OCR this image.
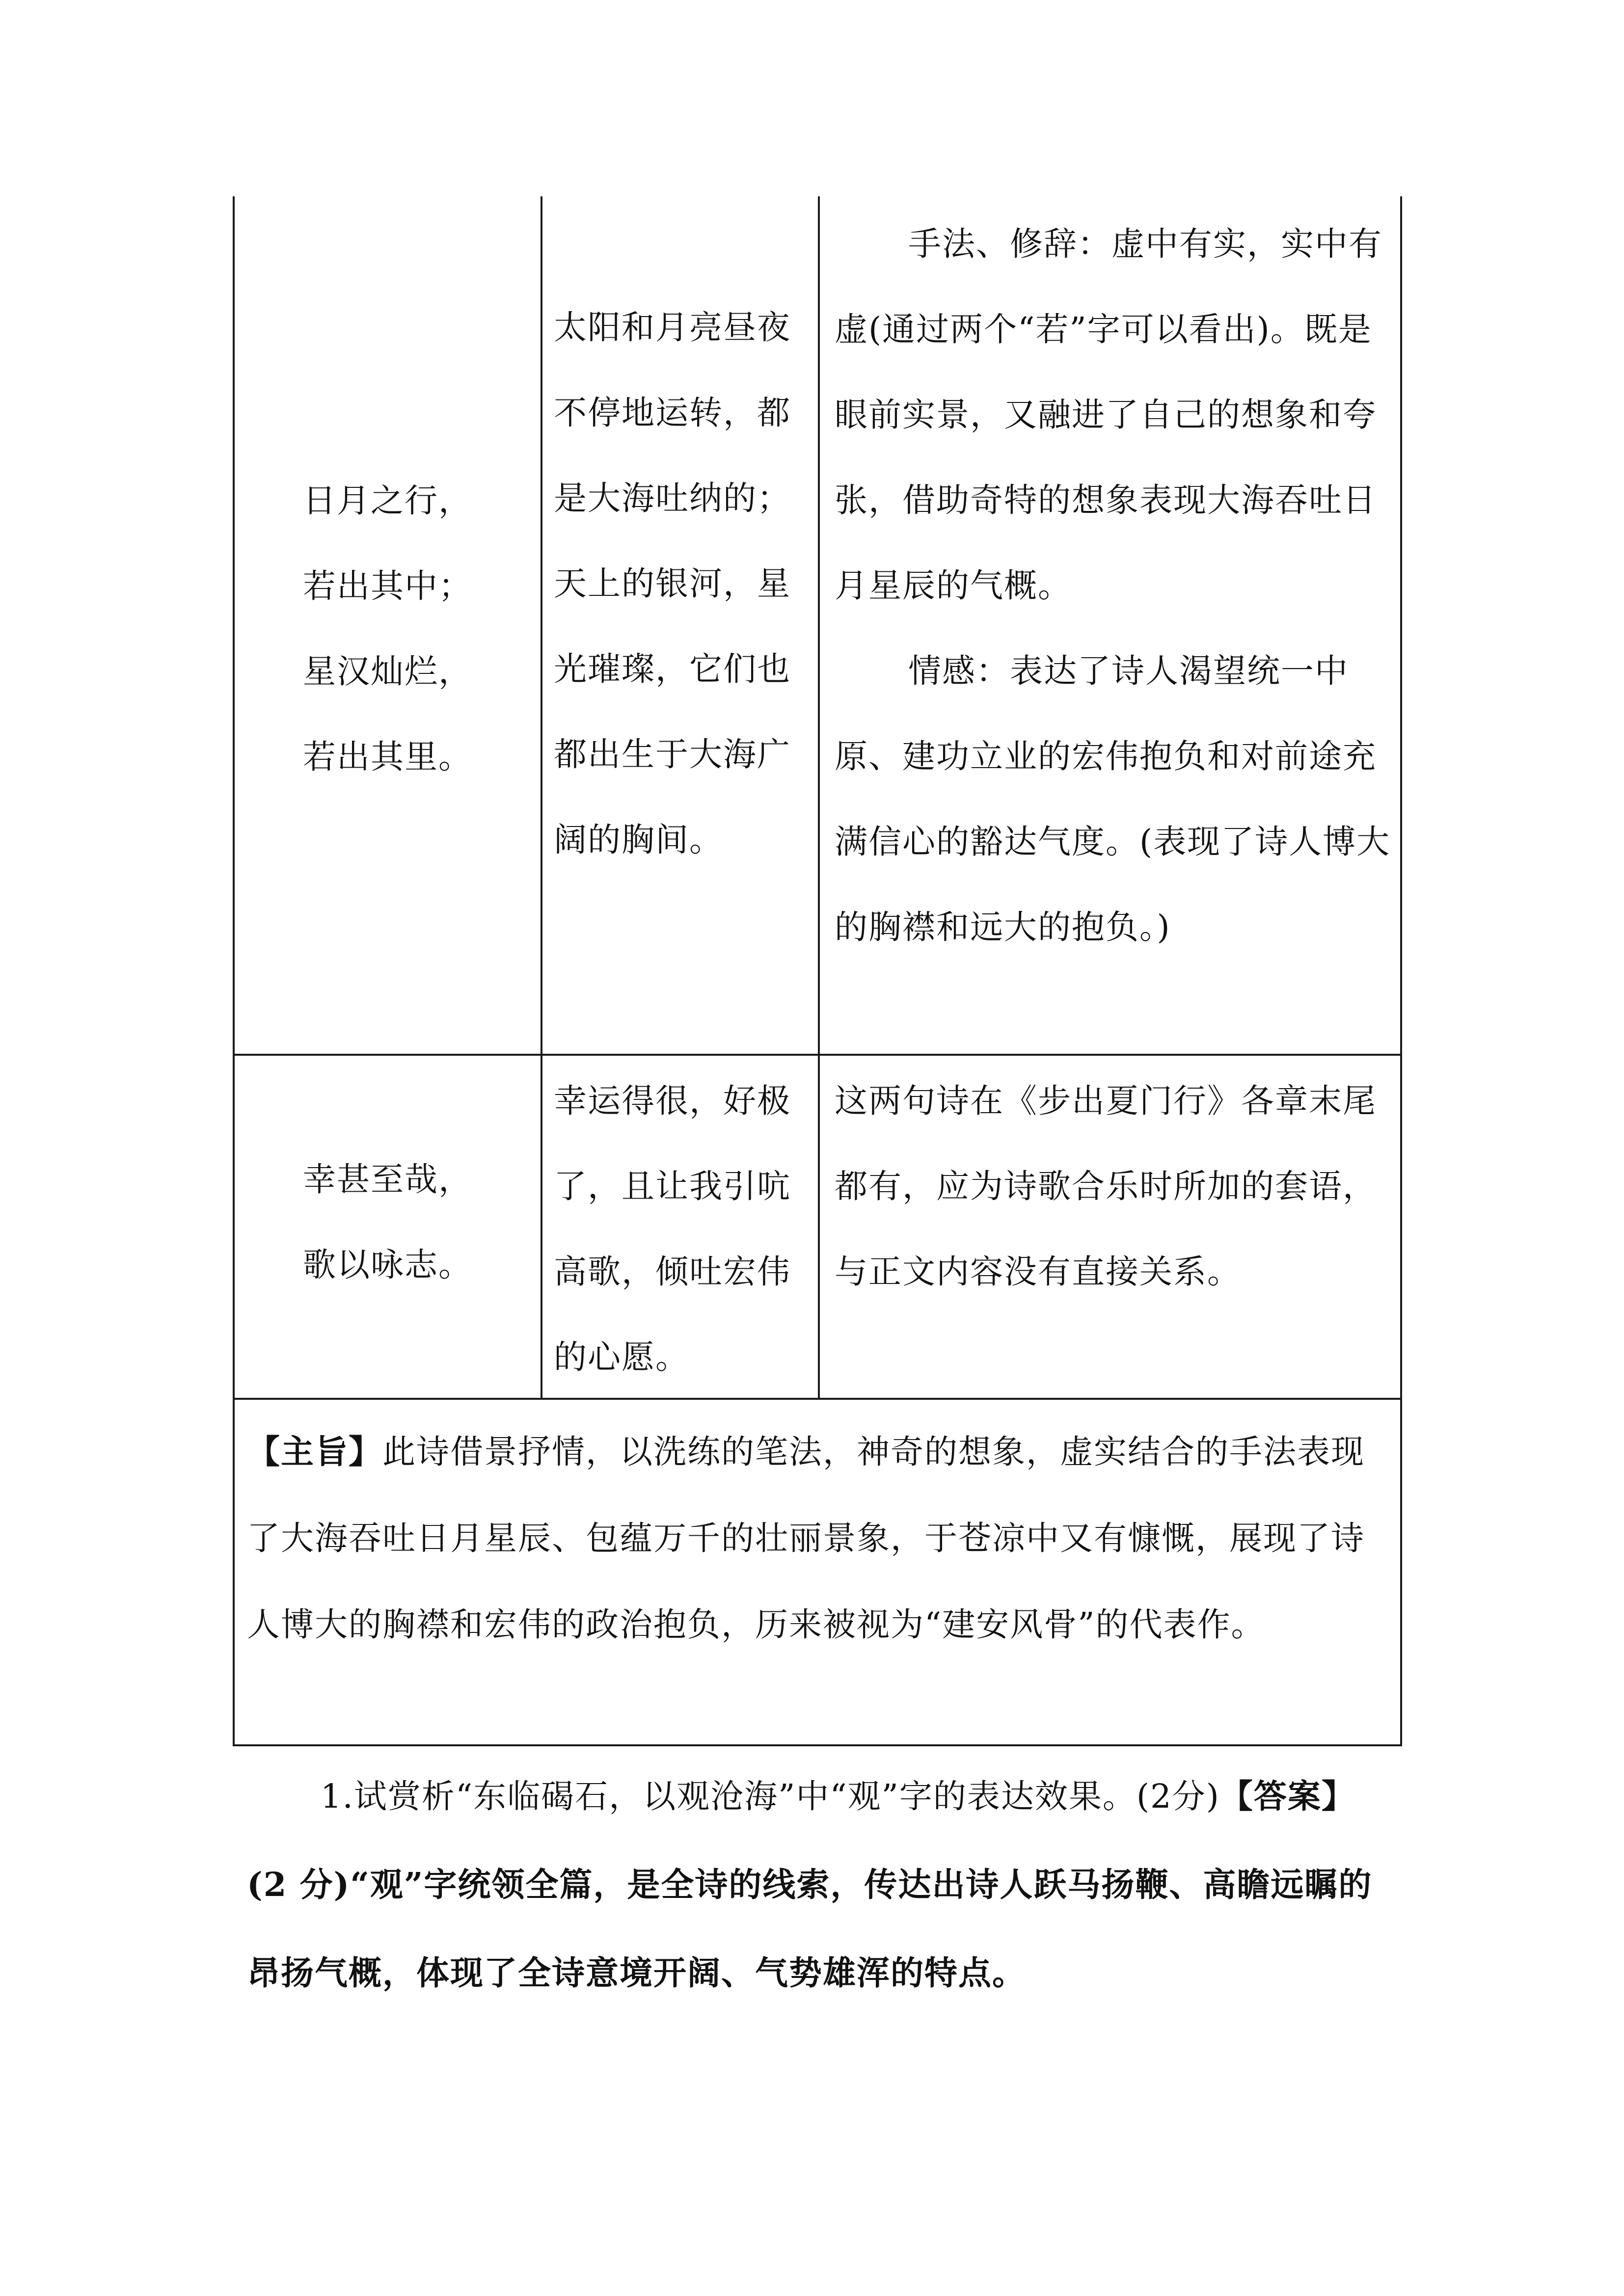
日月之行，

若出其中；

星汉灿烂，

若出其里。

太阳和月亮昼夜不停地运转，都是大海吐纳的；天上的银河，星光璀璨，它们也都出生于大海广阔的胸间。

手法、修辞：虚中有实，实中有虚(通过两个“若”字可以看出)。既是眼前实景，又融进了自己的想象和夸张，借助奇特的想象表现大海吞吐日月星辰的气概。

情感：表达了诗人渴望统一中原、建功立业的宏伟抱负和对前途充满信心的豁达气度。(表现了诗人博大的胸襟和远大的抱负。)

幸甚至哉，

歌以咏志。

幸运得很，好极了，且让我引吭高歌，倾吐宏伟的心愿。

这两句诗在《步出夏门行》各章末尾都有，应为诗歌合乐时所加的套语，与正文内容没有直接关系。

【主旨】此诗借景抒情，以洗练的笔法，神奇的想象，虚实结合的手法表现了大海吞吐日月星辰、包蕴万千的壮丽景象，于苍凉中又有慷慨，展现了诗人博大的胸襟和宏伟的政治抱负，历来被视为“建安风骨”的代表作。
1.试赏析“东临碣石，以观沧海”中“观”字的表达效果。(2分)【答案】(2 分)“观”字统领全篇，是全诗的线索，传达出诗人跃马扬鞭、高瞻远瞩的昂扬气概，体现了全诗意境开阔、气势雄浑的特点。
